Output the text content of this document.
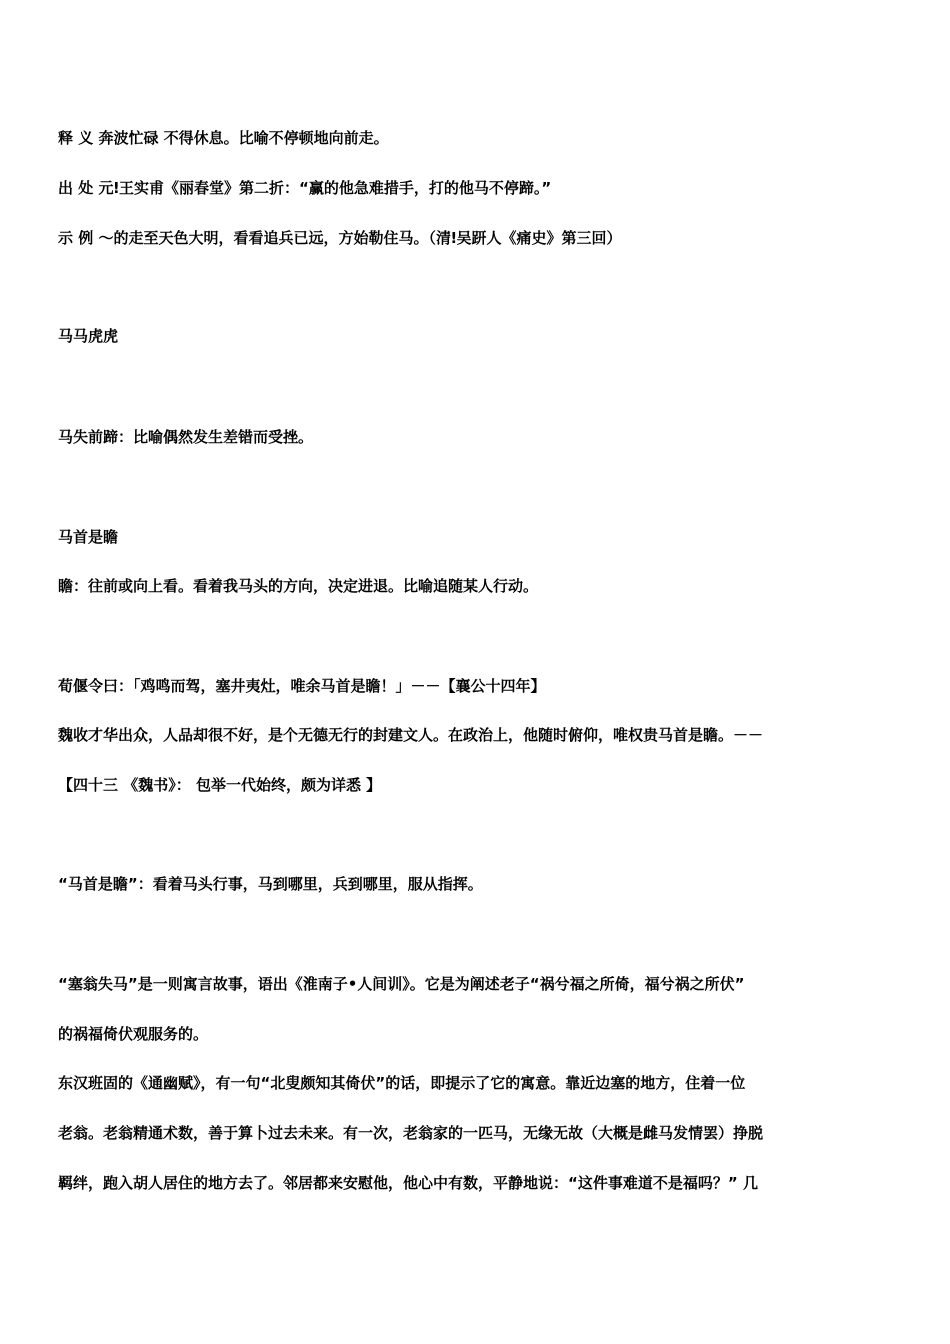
释 义 奔波忙碌 不得休息。比喻不停顿地向前走。
出 处 元ǃ王实甫《丽春堂》第二折：“赢的他急难措手，打的他马不停蹄。”
示 例 ～的走至天色大明，看看追兵已远，方始勒住马。（清ǃ吴趼人《痛史》第三回）
马马虎虎
马失前蹄：比喻偶然发生差错而受挫。
马首是瞻
瞻：往前或向上看。看着我马头的方向，决定进退。比喻追随某人行动。
荀偃令曰：「鸡鸣而驾，塞井夷灶，唯余马首是瞻！」－－【襄公十四年】
魏收才华出众，人品却很不好，是个无德无行的封建文人。在政治上，他随时俯仰，唯权贵马首是瞻。－－
【四十三 《魏书》： 包举一代始终，颇为详悉 】
“马首是瞻”：看着马头行事，马到哪里，兵到哪里，服从指挥。
“塞翁失马”是一则寓言故事，语出《淮南子•人间训》。它是为阐述老子“祸兮福之所倚，福兮祸之所伏”
的祸福倚伏观服务的。
东汉班固的《通幽赋》，有一句“北叟颇知其倚伏”的话，即提示了它的寓意。靠近边塞的地方，住着一位
老翁。老翁精通术数，善于算卜过去未来。有一次，老翁家的一匹马，无缘无故（大概是雌马发情罢）挣脱
羁绊，跑入胡人居住的地方去了。邻居都来安慰他，他心中有数，平静地说：“这件事难道不是福吗？” 几
